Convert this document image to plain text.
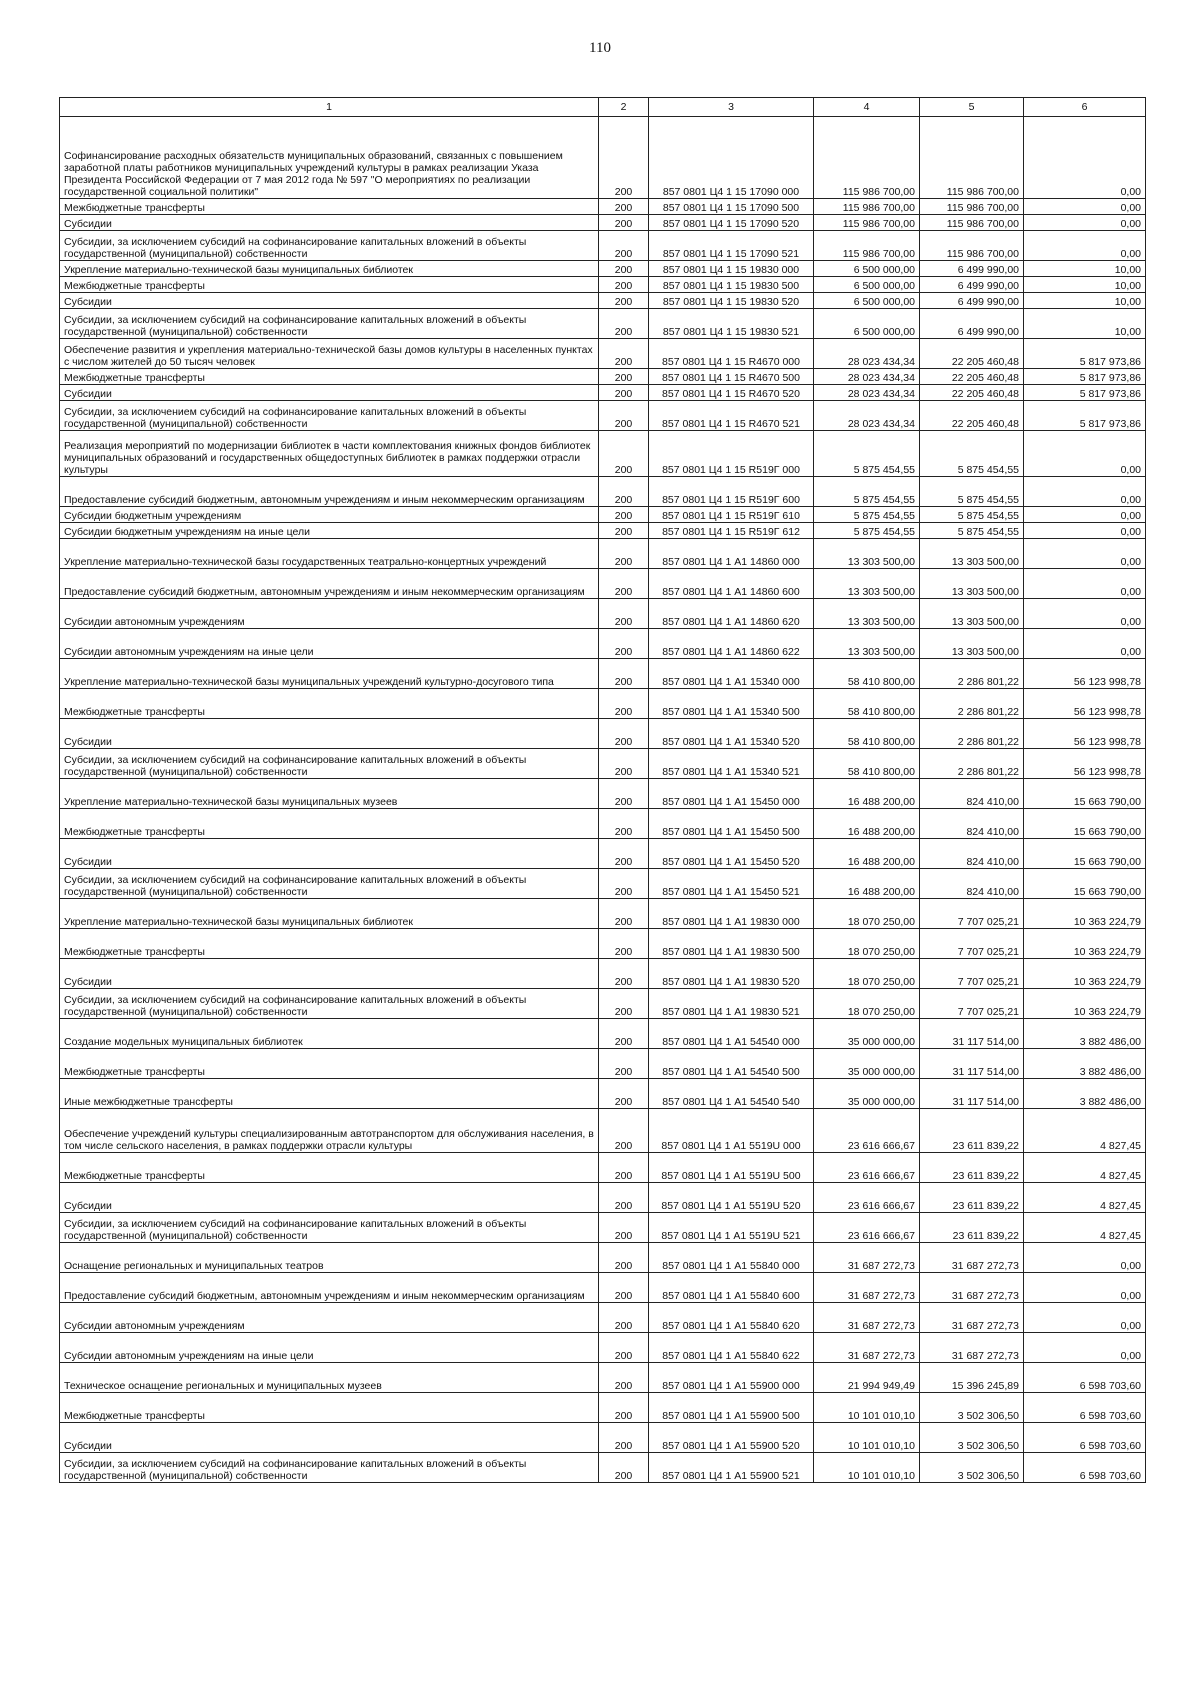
110
1	2	3	4	5	6
Софинансирование расходных обязательств муниципальных образований, связанных с повышением заработной платы работников муниципальных учреждений культуры в рамках реализации Указа Президента Российской Федерации от 7 мая 2012 года № 597 "О мероприятиях по реализации государственной социальной политики"	200	857 0801 Ц4 1 15 17090 000	115 986 700,00	115 986 700,00	0,00
Межбюджетные трансферты	200	857 0801 Ц4 1 15 17090 500	115 986 700,00	115 986 700,00	0,00
Субсидии	200	857 0801 Ц4 1 15 17090 520	115 986 700,00	115 986 700,00	0,00
Субсидии, за исключением субсидий на софинансирование капитальных вложений в объекты государственной (муниципальной) собственности	200	857 0801 Ц4 1 15 17090 521	115 986 700,00	115 986 700,00	0,00
Укрепление материально-технической базы муниципальных библиотек	200	857 0801 Ц4 1 15 19830 000	6 500 000,00	6 499 990,00	10,00
Межбюджетные трансферты	200	857 0801 Ц4 1 15 19830 500	6 500 000,00	6 499 990,00	10,00
Субсидии	200	857 0801 Ц4 1 15 19830 520	6 500 000,00	6 499 990,00	10,00
Субсидии, за исключением субсидий на софинансирование капитальных вложений в объекты государственной (муниципальной) собственности	200	857 0801 Ц4 1 15 19830 521	6 500 000,00	6 499 990,00	10,00
Обеспечение развития и укрепления материально-технической базы домов культуры в населенных пунктах с числом жителей до 50 тысяч человек	200	857 0801 Ц4 1 15 R4670 000	28 023 434,34	22 205 460,48	5 817 973,86
Межбюджетные трансферты	200	857 0801 Ц4 1 15 R4670 500	28 023 434,34	22 205 460,48	5 817 973,86
Субсидии	200	857 0801 Ц4 1 15 R4670 520	28 023 434,34	22 205 460,48	5 817 973,86
Субсидии, за исключением субсидий на софинансирование капитальных вложений в объекты государственной (муниципальной) собственности	200	857 0801 Ц4 1 15 R4670 521	28 023 434,34	22 205 460,48	5 817 973,86
Реализация мероприятий по модернизации библиотек в части комплектования книжных фондов библиотек муниципальных образований и государственных общедоступных библиотек в рамках поддержки отрасли культуры	200	857 0801 Ц4 1 15 R519Г 000	5 875 454,55	5 875 454,55	0,00
Предоставление субсидий бюджетным, автономным учреждениям и иным некоммерческим организациям	200	857 0801 Ц4 1 15 R519Г 600	5 875 454,55	5 875 454,55	0,00
Субсидии бюджетным учреждениям	200	857 0801 Ц4 1 15 R519Г 610	5 875 454,55	5 875 454,55	0,00
Субсидии бюджетным учреждениям на иные цели	200	857 0801 Ц4 1 15 R519Г 612	5 875 454,55	5 875 454,55	0,00
Укрепление материально-технической базы государственных театрально-концертных учреждений	200	857 0801 Ц4 1 А1 14860 000	13 303 500,00	13 303 500,00	0,00
Предоставление субсидий бюджетным, автономным учреждениям и иным некоммерческим организациям	200	857 0801 Ц4 1 А1 14860 600	13 303 500,00	13 303 500,00	0,00
Субсидии автономным учреждениям	200	857 0801 Ц4 1 А1 14860 620	13 303 500,00	13 303 500,00	0,00
Субсидии автономным учреждениям на иные цели	200	857 0801 Ц4 1 А1 14860 622	13 303 500,00	13 303 500,00	0,00
Укрепление материально-технической базы муниципальных учреждений культурно-досугового типа	200	857 0801 Ц4 1 А1 15340 000	58 410 800,00	2 286 801,22	56 123 998,78
Межбюджетные трансферты	200	857 0801 Ц4 1 А1 15340 500	58 410 800,00	2 286 801,22	56 123 998,78
Субсидии	200	857 0801 Ц4 1 А1 15340 520	58 410 800,00	2 286 801,22	56 123 998,78
Субсидии, за исключением субсидий на софинансирование капитальных вложений в объекты государственной (муниципальной) собственности	200	857 0801 Ц4 1 А1 15340 521	58 410 800,00	2 286 801,22	56 123 998,78
Укрепление материально-технической базы муниципальных музеев	200	857 0801 Ц4 1 А1 15450 000	16 488 200,00	824 410,00	15 663 790,00
Межбюджетные трансферты	200	857 0801 Ц4 1 А1 15450 500	16 488 200,00	824 410,00	15 663 790,00
Субсидии	200	857 0801 Ц4 1 А1 15450 520	16 488 200,00	824 410,00	15 663 790,00
Субсидии, за исключением субсидий на софинансирование капитальных вложений в объекты государственной (муниципальной) собственности	200	857 0801 Ц4 1 А1 15450 521	16 488 200,00	824 410,00	15 663 790,00
Укрепление материально-технической базы муниципальных библиотек	200	857 0801 Ц4 1 А1 19830 000	18 070 250,00	7 707 025,21	10 363 224,79
Межбюджетные трансферты	200	857 0801 Ц4 1 А1 19830 500	18 070 250,00	7 707 025,21	10 363 224,79
Субсидии	200	857 0801 Ц4 1 А1 19830 520	18 070 250,00	7 707 025,21	10 363 224,79
Субсидии, за исключением субсидий на софинансирование капитальных вложений в объекты государственной (муниципальной) собственности	200	857 0801 Ц4 1 А1 19830 521	18 070 250,00	7 707 025,21	10 363 224,79
Создание модельных муниципальных библиотек	200	857 0801 Ц4 1 А1 54540 000	35 000 000,00	31 117 514,00	3 882 486,00
Межбюджетные трансферты	200	857 0801 Ц4 1 А1 54540 500	35 000 000,00	31 117 514,00	3 882 486,00
Иные межбюджетные трансферты	200	857 0801 Ц4 1 А1 54540 540	35 000 000,00	31 117 514,00	3 882 486,00
Обеспечение учреждений культуры специализированным автотранспортом для обслуживания населения, в том числе сельского населения, в рамках поддержки отрасли культуры	200	857 0801 Ц4 1 А1 5519U 000	23 616 666,67	23 611 839,22	4 827,45
Межбюджетные трансферты	200	857 0801 Ц4 1 А1 5519U 500	23 616 666,67	23 611 839,22	4 827,45
Субсидии	200	857 0801 Ц4 1 А1 5519U 520	23 616 666,67	23 611 839,22	4 827,45
Субсидии, за исключением субсидий на софинансирование капитальных вложений в объекты государственной (муниципальной) собственности	200	857 0801 Ц4 1 А1 5519U 521	23 616 666,67	23 611 839,22	4 827,45
Оснащение региональных и муниципальных театров	200	857 0801 Ц4 1 А1 55840 000	31 687 272,73	31 687 272,73	0,00
Предоставление субсидий бюджетным, автономным учреждениям и иным некоммерческим организациям	200	857 0801 Ц4 1 А1 55840 600	31 687 272,73	31 687 272,73	0,00
Субсидии автономным учреждениям	200	857 0801 Ц4 1 А1 55840 620	31 687 272,73	31 687 272,73	0,00
Субсидии автономным учреждениям на иные цели	200	857 0801 Ц4 1 А1 55840 622	31 687 272,73	31 687 272,73	0,00
Техническое оснащение региональных и муниципальных музеев	200	857 0801 Ц4 1 А1 55900 000	21 994 949,49	15 396 245,89	6 598 703,60
Межбюджетные трансферты	200	857 0801 Ц4 1 А1 55900 500	10 101 010,10	3 502 306,50	6 598 703,60
Субсидии	200	857 0801 Ц4 1 А1 55900 520	10 101 010,10	3 502 306,50	6 598 703,60
Субсидии, за исключением субсидий на софинансирование капитальных вложений в объекты государственной (муниципальной) собственности	200	857 0801 Ц4 1 А1 55900 521	10 101 010,10	3 502 306,50	6 598 703,60
